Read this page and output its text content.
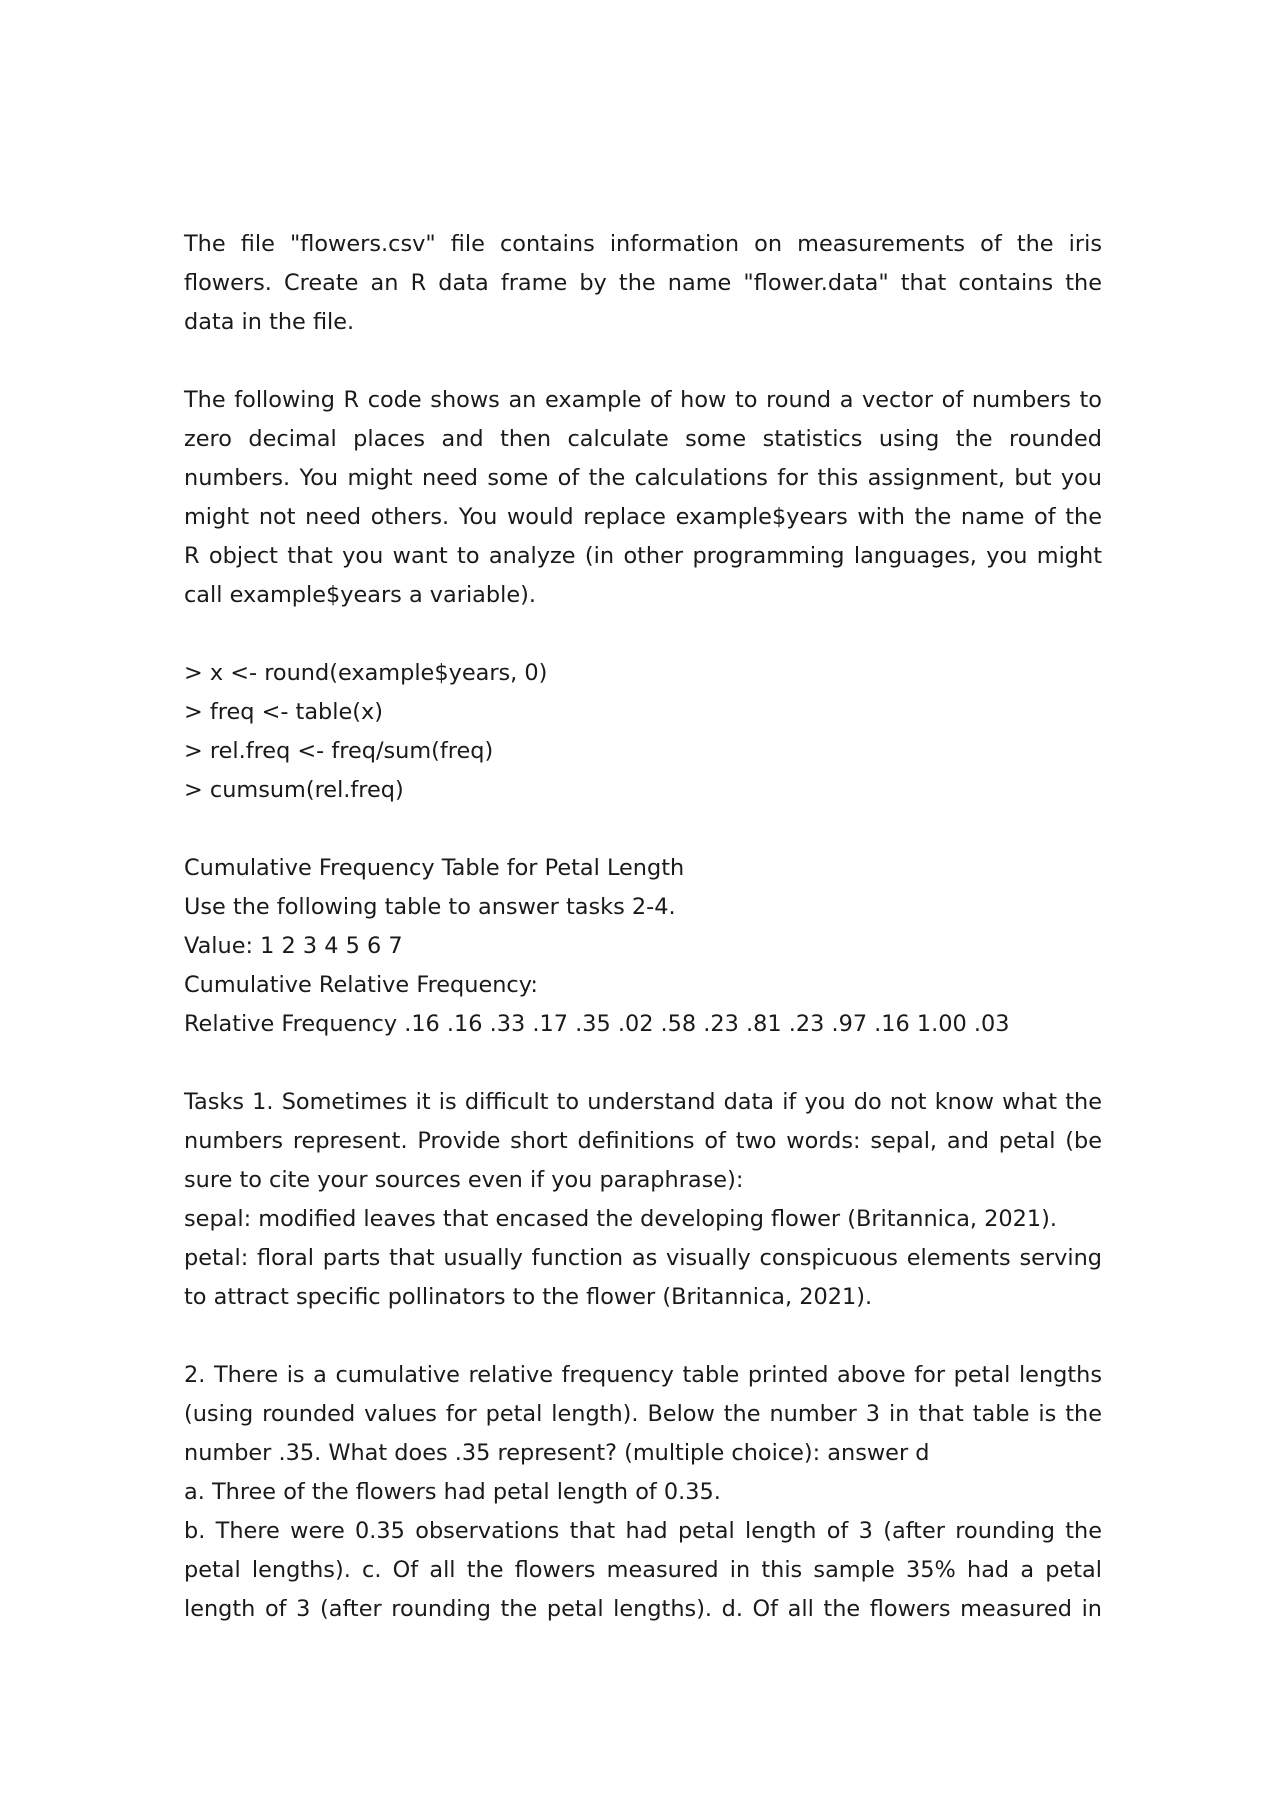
The file "flowers.csv" file contains information on measurements of the iris
flowers. Create an R data frame by the name "flower.data" that contains the
data in the file.
The following R code shows an example of how to round a vector of numbers to
zero decimal places and then calculate some statistics using the rounded
numbers. You might need some of the calculations for this assignment, but you
might not need others. You would replace example$years with the name of the
R object that you want to analyze (in other programming languages, you might
call example$years a variable).
> x <- round(example$years, 0)
> freq <- table(x)
> rel.freq <- freq/sum(freq)
> cumsum(rel.freq)
Cumulative Frequency Table for Petal Length
Use the following table to answer tasks 2-4.
Value: 1 2 3 4 5 6 7
Cumulative Relative Frequency:
Relative Frequency .16 .16 .33 .17 .35 .02 .58 .23 .81 .23 .97 .16 1.00 .03
Tasks 1. Sometimes it is difficult to understand data if you do not know what the
numbers represent. Provide short definitions of two words: sepal, and petal (be
sure to cite your sources even if you paraphrase):
sepal: modified leaves that encased the developing flower (Britannica, 2021).
petal: floral parts that usually function as visually conspicuous elements serving
to attract specific pollinators to the flower (Britannica, 2021).
2. There is a cumulative relative frequency table printed above for petal lengths
(using rounded values for petal length). Below the number 3 in that table is the
number .35. What does .35 represent? (multiple choice): answer d
a. Three of the flowers had petal length of 0.35.
b. There were 0.35 observations that had petal length of 3 (after rounding the
petal lengths). c. Of all the flowers measured in this sample 35% had a petal
length of 3 (after rounding the petal lengths). d. Of all the flowers measured in
